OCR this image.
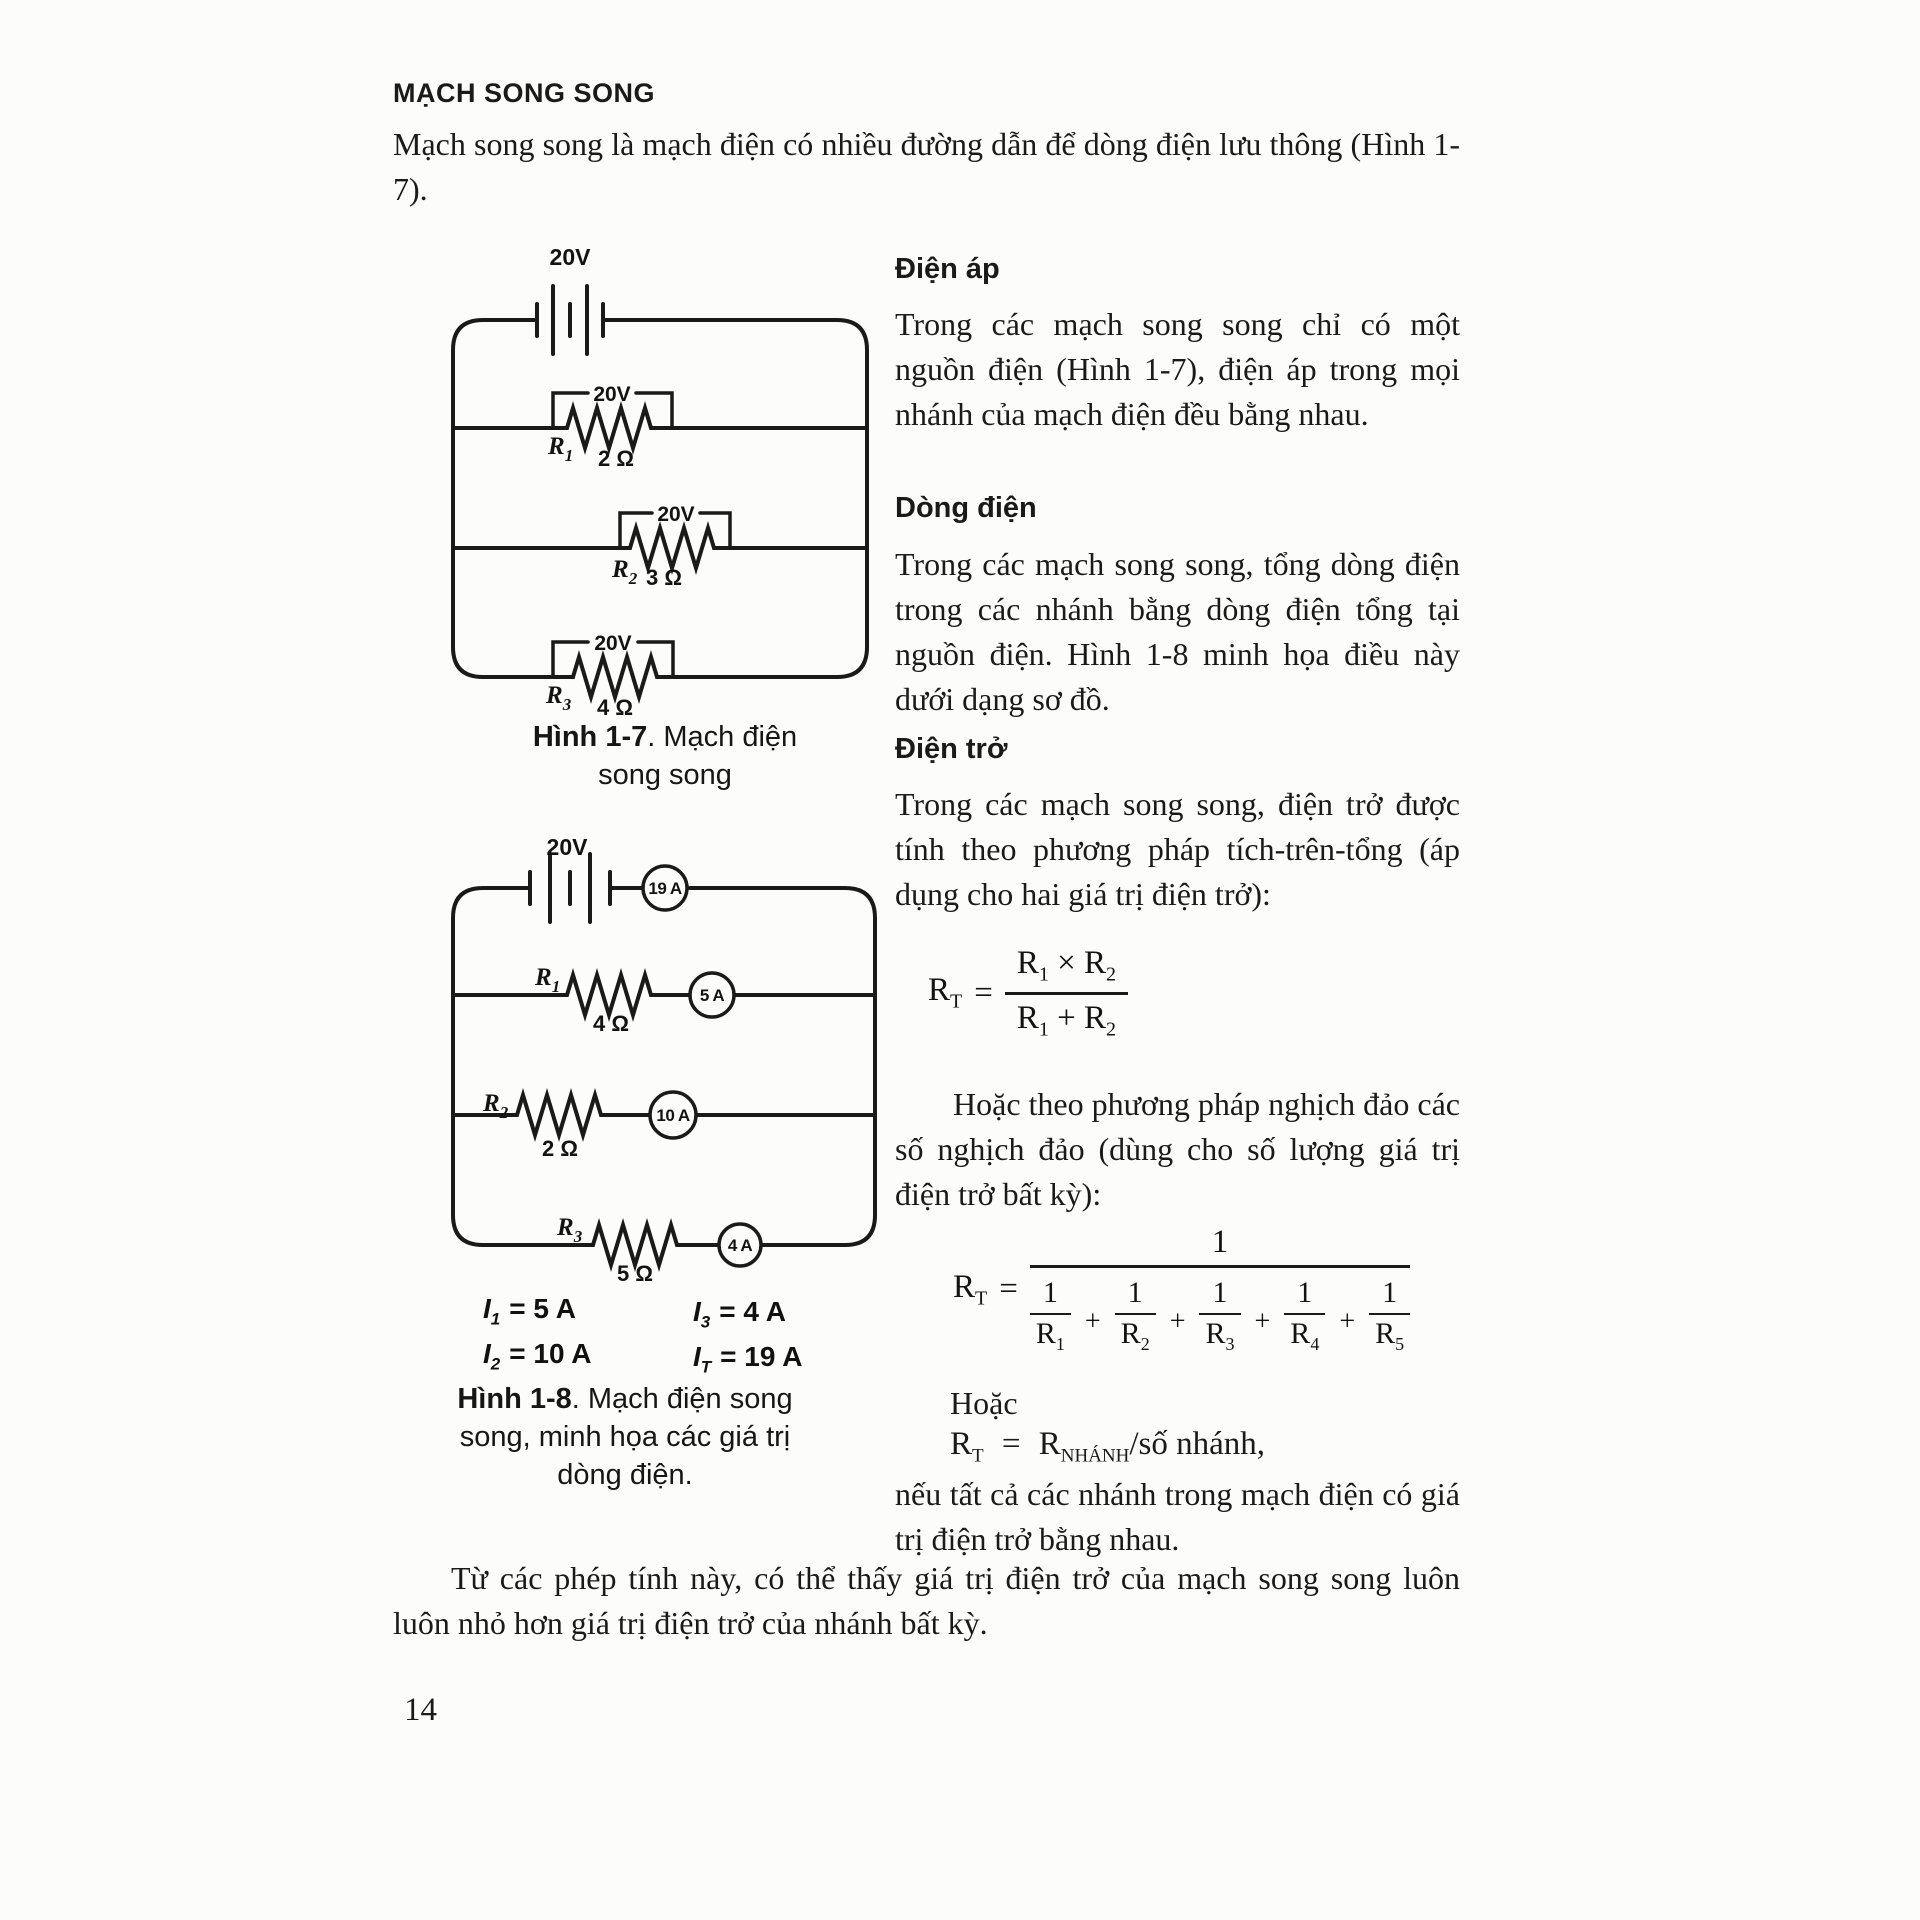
MẠCH SONG SONG
Mạch song song là mạch điện có nhiều đường dẫn để dòng điện lưu thông (Hình 1-7).
20V
20V
20V
20V
$R_1$ 2 Ω
$R_2$ 3 Ω
$R_3$ 4 Ω
Hình 1-7. Mạch điện
song song
20V
19 A
5 A
10 A
4 A
$R_1$
4 Ω
$R_2$
2 Ω
$R_3$
5 Ω
$I_1 = 5$ A
$I_2 = 10$ A
$I_3 = 4$ A
$I_T = 19$ A
Hình 1-8. Mạch điện song
song, minh họa các giá trị
dòng điện.
Điện áp
Trong các mạch song song chỉ có một nguồn điện (Hình 1-7), điện áp trong mọi nhánh của mạch điện đều bằng nhau.
Dòng điện
Trong các mạch song song, tổng dòng điện trong các nhánh bằng dòng điện tổng tại nguồn điện. Hình 1-8 minh họa điều này dưới dạng sơ đồ.
Điện trở
Trong các mạch song song, điện trở được tính theo phương pháp tích-trên-tổng (áp dụng cho hai giá trị điện trở):
$R_T = \frac{R_1 \times R_2}{R_1 + R_2}$
Hoặc theo phương pháp nghịch đảo các số nghịch đảo (dùng cho số lượng giá trị điện trở bất kỳ):
$R_T$ =
1
1
$R_1$
+ $\frac{1}{R_2} + \frac{1}{R_3} + \frac{1}{R_4} + \frac{1}{R_5}$
Hoặc
$R_T$ = $R_{NHÁNH}/số$ nhánh,
nếu tất cả các nhánh trong mạch điện có giá trị điện trở bằng nhau.
Từ các phép tính này, có thể thấy giá trị điện trở của mạch song song luôn luôn nhỏ hơn giá trị điện trở của nhánh bất kỳ.
14
